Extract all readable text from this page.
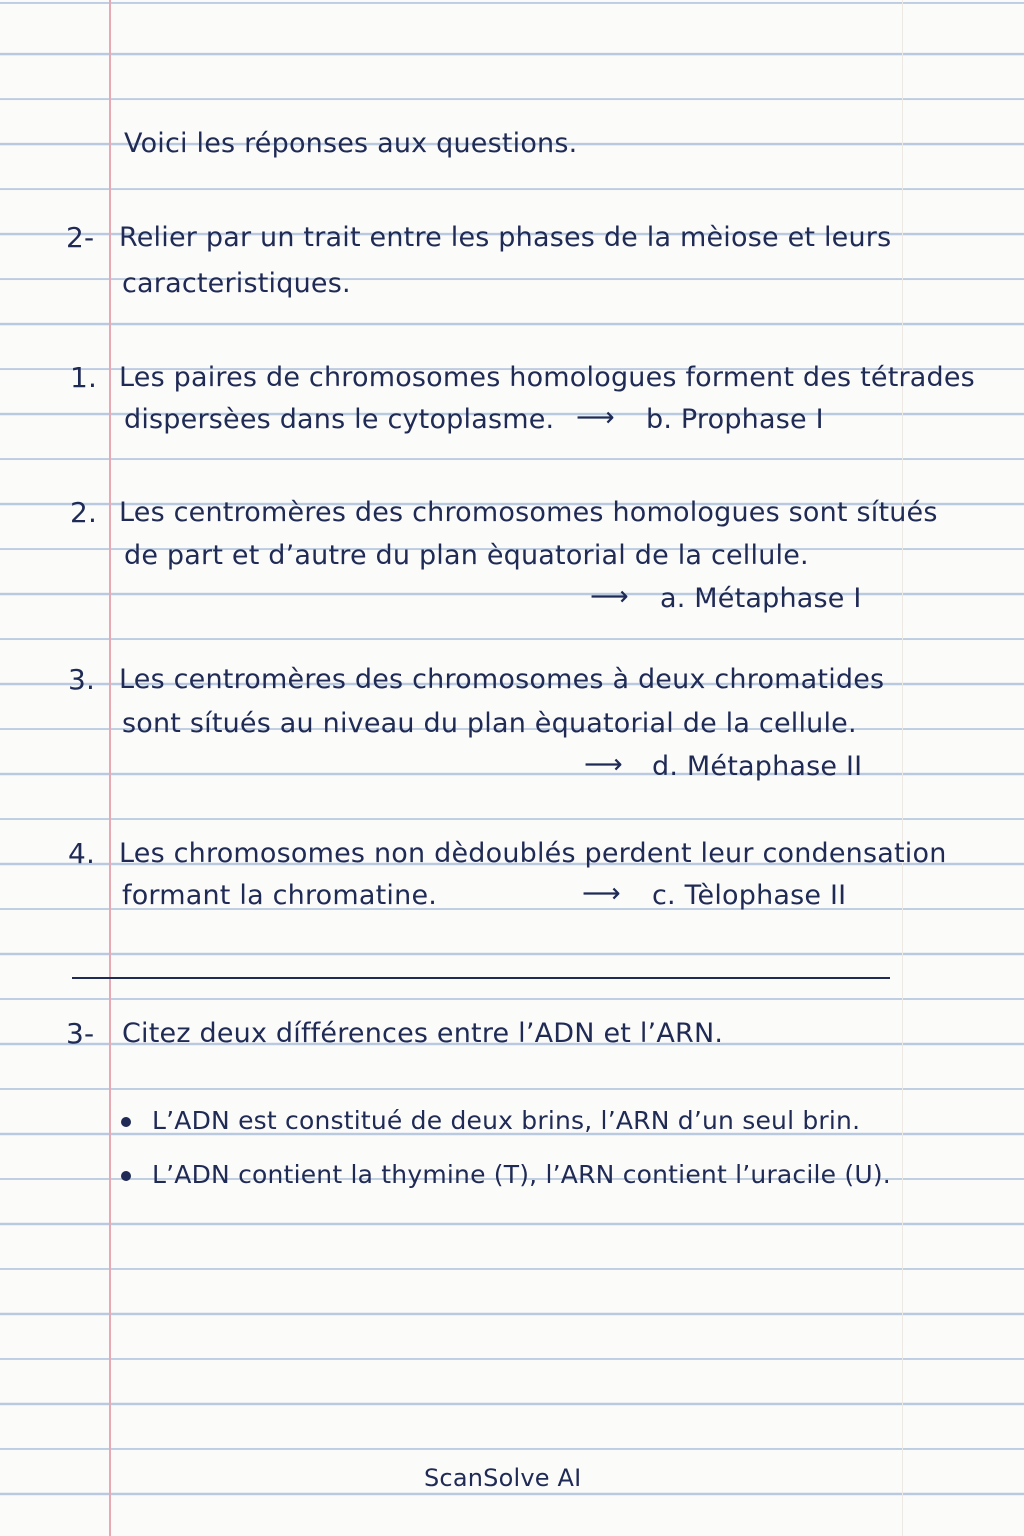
Voici les réponses aux questions.
2- Relier par un trait entre les phases de la mèiose et leurs
caracteristiques.
1. Les paires de chromosomes homologues forment des tétrades
dispersèes dans le cytoplasme. ⟶ b. Prophase I
2. Les centromères des chromosomes homologues sont sítués
de part et d’autre du plan èquatorial de la cellule.
⟶ a. Métaphase I
3. Les centromères des chromosomes à deux chromatides
sont sítués au niveau du plan èquatorial de la cellule.
⟶ d. Métaphase II
4. Les chromosomes non dèdoublés perdent leur condensation
formant la chromatine.	⟶ c. Tèlophase II
3- Citez deux dífférences entre l’ADN et l’ARN.
L’ADN est constitué de deux brins, l’ARN d’un seul brin.
L’ADN contient la thymine (T), l’ARN contient l’uracile (U).
ScanSolve AI
